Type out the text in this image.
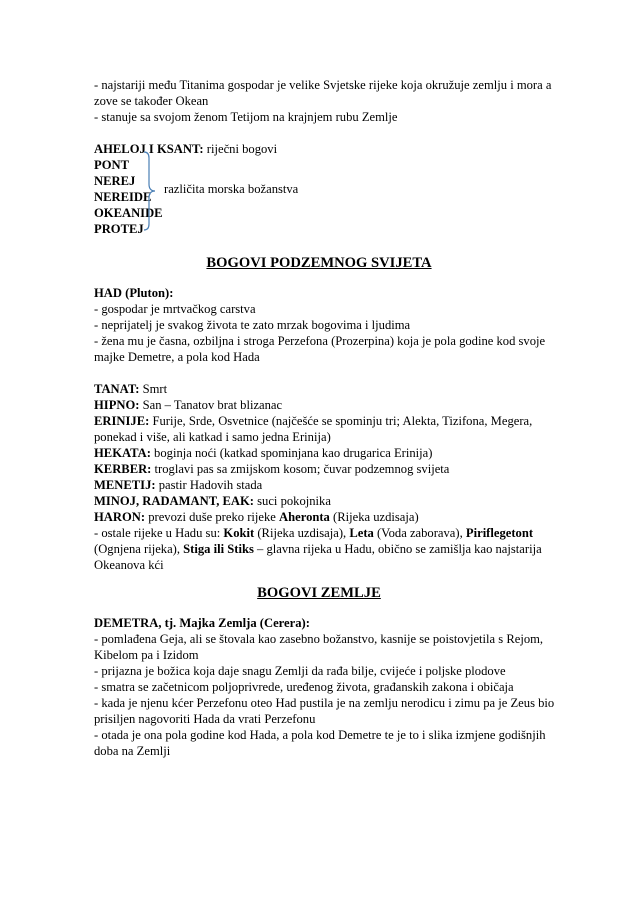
- najstariji među Titanima gospodar je velike Svjetske rijeke koja okružuje zemlju i mora a
zove se također Okean
- stanuje sa svojom ženom Tetijom na krajnjem rubu Zemlje
AHELOJ I KSANT: riječni bogovi
PONT
NEREJ
NEREIDE
OKEANIDE
PROTEJ
različita morska božanstva
BOGOVI PODZEMNOG SVIJETA
HAD (Pluton):
- gospodar je mrtvačkog carstva
- neprijatelj je svakog života te zato mrzak bogovima i ljudima
- žena mu je časna, ozbiljna i stroga Perzefona (Prozerpina) koja je pola godine kod svoje
majke Demetre, a pola kod Hada
TANAT: Smrt
HIPNO: San – Tanatov brat blizanac
ERINIJE: Furije, Srde, Osvetnice (najčešće se spominju tri; Alekta, Tizifona, Megera,
ponekad i više, ali katkad i samo jedna Erinija)
HEKATA: boginja noći (katkad spominjana kao drugarica Erinija)
KERBER: troglavi pas sa zmijskom kosom; čuvar podzemnog svijeta
MENETIJ: pastir Hadovih stada
MINOJ, RADAMANT, EAK: suci pokojnika
HARON: prevozi duše preko rijeke Aheronta (Rijeka uzdisaja)
- ostale rijeke u Hadu su: Kokit (Rijeka uzdisaja), Leta (Voda zaborava), Piriflegetont
(Ognjena rijeka), Stiga ili Stiks – glavna rijeka u Hadu, obično se zamišlja kao najstarija
Okeanova kći
BOGOVI ZEMLJE
DEMETRA, tj. Majka Zemlja (Cerera):
- pomlađena Geja, ali se štovala kao zasebno božanstvo, kasnije se poistovjetila s Rejom,
Kibelom pa i Izidom
- prijazna je božica koja daje snagu Zemlji da rađa bilje, cvijeće i poljske plodove
- smatra se začetnicom poljoprivrede, uređenog života, građanskih zakona i običaja
- kada je njenu kćer Perzefonu oteo Had pustila je na zemlju nerodicu i zimu pa je Zeus bio
prisiljen nagovoriti Hada da vrati Perzefonu
- otada je ona pola godine kod Hada, a pola kod Demetre te je to i slika izmjene godišnjih
doba na Zemlji
